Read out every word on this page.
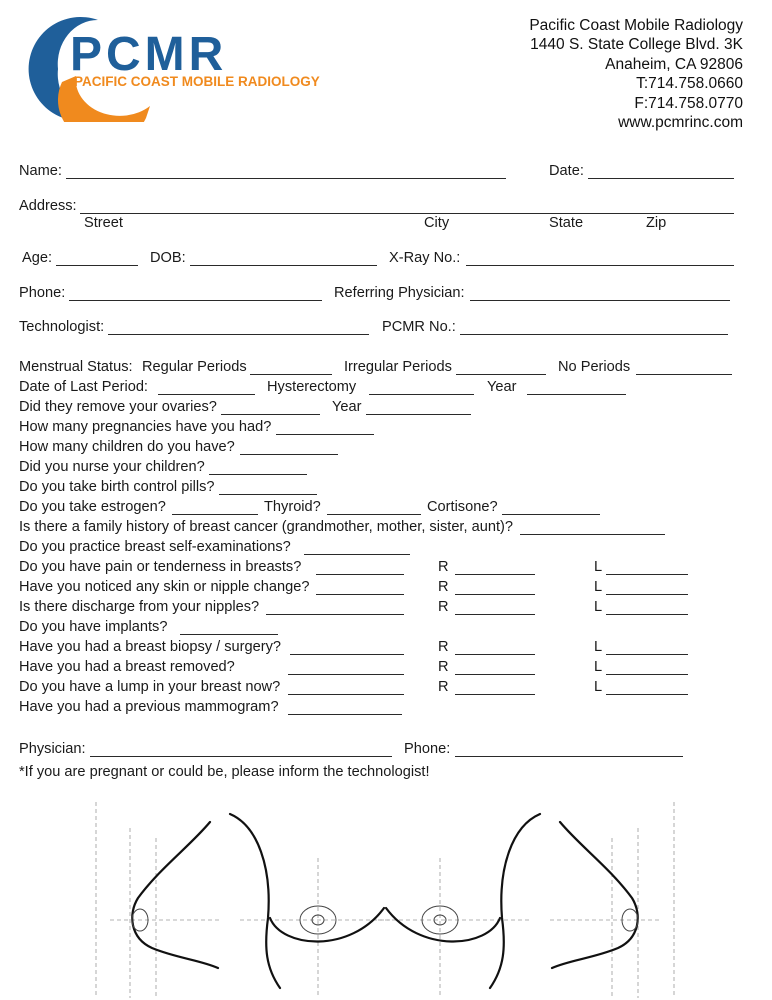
PCMR
PACIFIC COAST MOBILE RADIOLOGY
Pacific Coast Mobile Radiology
1440 S. State College Blvd. 3K
Anaheim, CA 92806
T:714.758.0660
F:714.758.0770
www.pcmrinc.com
Name:	Date:
Address:
Street	City	State	Zip
Age:	DOB:	X-Ray No.:
Phone:	Referring Physician:
Technologist:	PCMR No.:
Menstrual Status: Regular Periods	Irregular Periods	No Periods
Date of Last Period:	Hysterectomy	Year
Did they remove your ovaries?	Year
How many pregnancies have you had?
How many children do you have?
Did you nurse your children?
Do you take birth control pills?
Do you take estrogen?	Thyroid?	Cortisone?
Is there a family history of breast cancer (grandmother, mother, sister, aunt)?
Do you practice breast self-examinations?
Do you have pain or tenderness in breasts?	R	L
Have you noticed any skin or nipple change?	R	L
Is there discharge from your nipples?	R	L
Do you have implants?
Have you had a breast biopsy / surgery?	R	L
Have you had a breast removed?	R	L
Do you have a lump in your breast now?	R	L
Have you had a previous mammogram?
Physician:	Phone:
*If you are pregnant or could be, please inform the technologist!
